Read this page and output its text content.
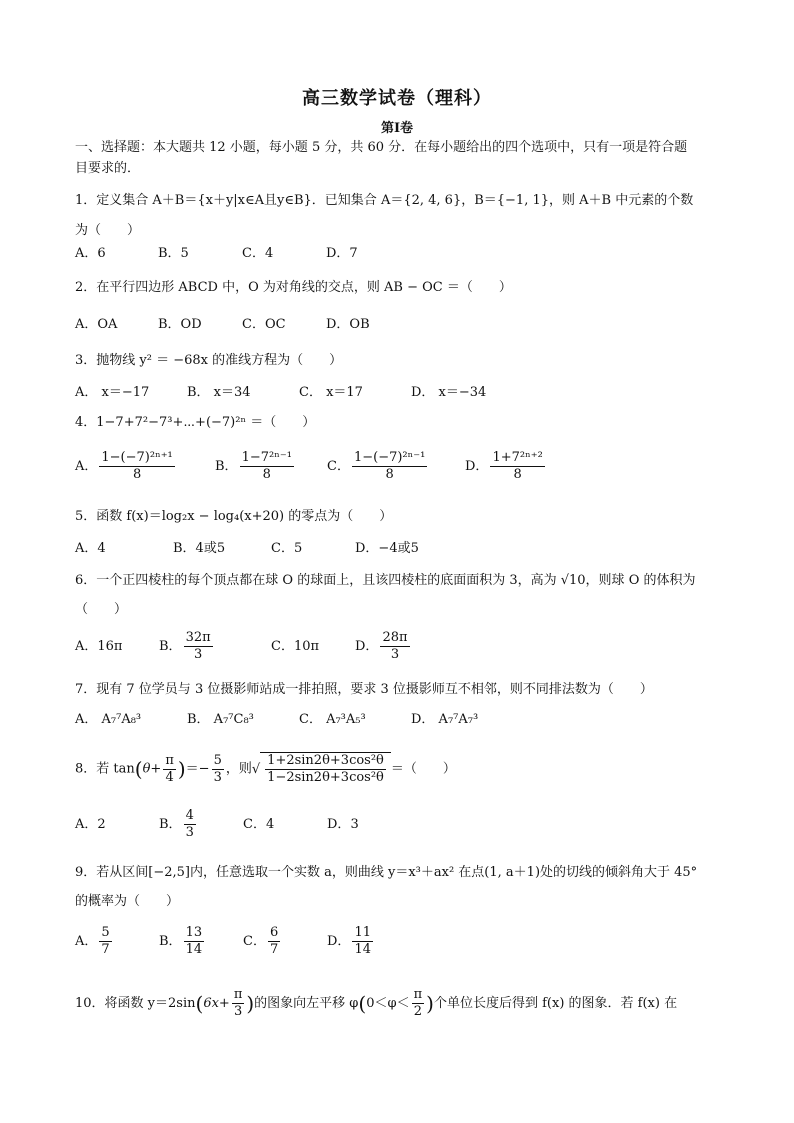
高三数学试卷（理科）
第Ⅰ卷
一、选择题：本大题共 12 小题，每小题 5 分，共 60 分．在每小题给出的四个选项中，只有一项是符合题
目要求的．
1．定义集合 A＋B＝{x＋y|x∈A且y∈B}．已知集合 A＝{2, 4, 6}，B＝{−1, 1}，则 A＋B 中元素的个数
为（　　）
A．6	B．5	C．4	D．7
2．在平行四边形 ABCD 中，O 为对角线的交点，则 AB − OC ＝（　　）
A．OA	B．OD	C．OC	D．OB
3．抛物线 y² ＝ −68x 的准线方程为（　　）
A． x＝−17	B． x＝34	C． x＝17	D． x＝−34
4．1−7+7²−7³+⋯+(−7)²ⁿ ＝（　　）
A． $\frac{\text{1−(−7)²ⁿ⁺¹}}{8}$	B． $\frac{\text{1−7²ⁿ⁻¹}}{8}$	C． $\frac{\text{1−(−7)²ⁿ⁻¹}}{8}$	D． $\frac{\text{1+7²ⁿ⁺²}}{8}$
5．函数 f(x)＝log₂x − log₄(x+20) 的零点为（　　）
A．4	B．4或5	C．5	D．−4或5
6．一个正四棱柱的每个顶点都在球 O 的球面上，且该四棱柱的底面面积为 3，高为 √10，则球 O 的体积为
（　　）
A．16π	B． $\frac{32\pi}{3}$	C．10π	D． $\frac{28\pi}{3}$
7．现有 7 位学员与 3 位摄影师站成一排拍照，要求 3 位摄影师互不相邻，则不同排法数为（　　）
A． A₇⁷A₈³	B． A₇⁷C₈³	C． A₇³A₅³	D． A₇⁷A₇³
8．若 $\tan(\theta+ \frac{\pi}{4}$ )＝− $\frac{5}{3}$ ，则√ $\frac{\text{1+2sin2θ+3cos²θ}}{\text{1−2sin2θ+3cos²θ}}$ ＝（　　）
A．2	B． $\frac{4}{3}$	C．4	D．3
9．若从区间[−2,5]内，任意选取一个实数 a，则曲线 y＝x³＋ax² 在点(1, a＋1)处的切线的倾斜角大于 45°
的概率为（　　）
A． $\frac{5}{7}$	B． $\frac{13}{14}$	C． $\frac{6}{7}$	D． $\frac{11}{14}$
10．将函数 $y=2\sin(6x+ \frac{\pi}{3}$ )的图象向左平移 $\varphi(0<\varphi< \frac{\pi}{2}$ )个单位长度后得到 f(x) 的图象．若 f(x) 在
